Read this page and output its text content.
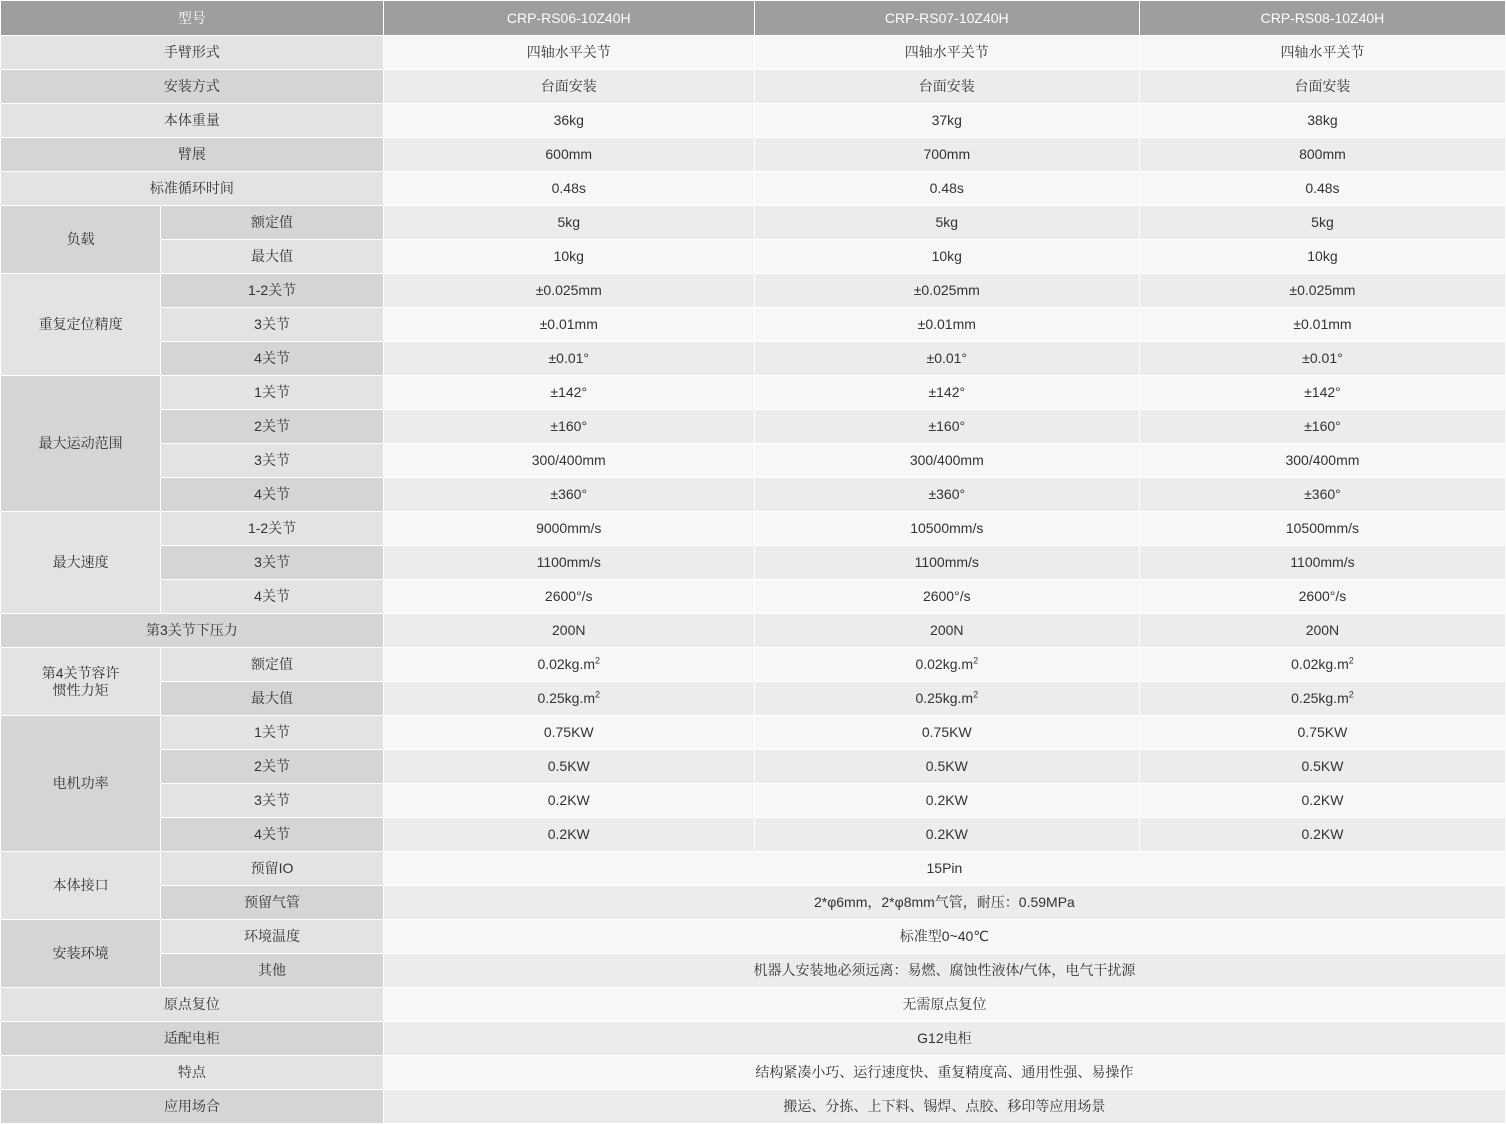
型号		CRP-RS06-10Z40H	CRP-RS07-10Z40H	CRP-RS08-10Z40H
手臂形式		四轴水平关节	四轴水平关节	四轴水平关节
安装方式		台面安装	台面安装	台面安装
本体重量		36kg	37kg	38kg
臂展		600mm	700mm	800mm
标准循环时间		0.48s	0.48s	0.48s
负载	额定值	5kg	5kg	5kg
	最大值	10kg	10kg	10kg
重复定位精度	1-2关节	±0.025mm	±0.025mm	±0.025mm
	3关节	±0.01mm	±0.01mm	±0.01mm
	4关节	±0.01°	±0.01°	±0.01°
最大运动范围	1关节	±142°	±142°	±142°
	2关节	±160°	±160°	±160°
	3关节	300/400mm	300/400mm	300/400mm
	4关节	±360°	±360°	±360°
最大速度	1-2关节	9000mm/s	10500mm/s	10500mm/s
	3关节	1100mm/s	1100mm/s	1100mm/s
	4关节	2600°/s	2600°/s	2600°/s
第3关节下压力		200N	200N	200N

第4关节容许
惯性力矩	额定值	$0.02kg.m^2$	$0.02kg.m^2$	$0.02kg.m^2$
	最大值	$0.25kg.m^2$	$0.25kg.m^2$	$0.25kg.m^2$
电机功率	1关节	0.75KW	0.75KW	0.75KW
	2关节	0.5KW	0.5KW	0.5KW
	3关节	0.2KW	0.2KW	0.2KW
	4关节	0.2KW	0.2KW	0.2KW
本体接口	预留IO	15Pin		
	预留气管	2*φ6mm，2*φ8mm气管，耐压：0.59MPa		
安装环境	环境温度	标准型0~40℃		
	其他	机器人安装地必须远离：易燃、腐蚀性液体/气体，电气干扰源		
原点复位		无需原点复位		
适配电柜		G12电柜		
特点		结构紧凑小巧、运行速度快、重复精度高、通用性强、易操作		
应用场合		搬运、分拣、上下料、锡焊、点胶、移印等应用场景		
